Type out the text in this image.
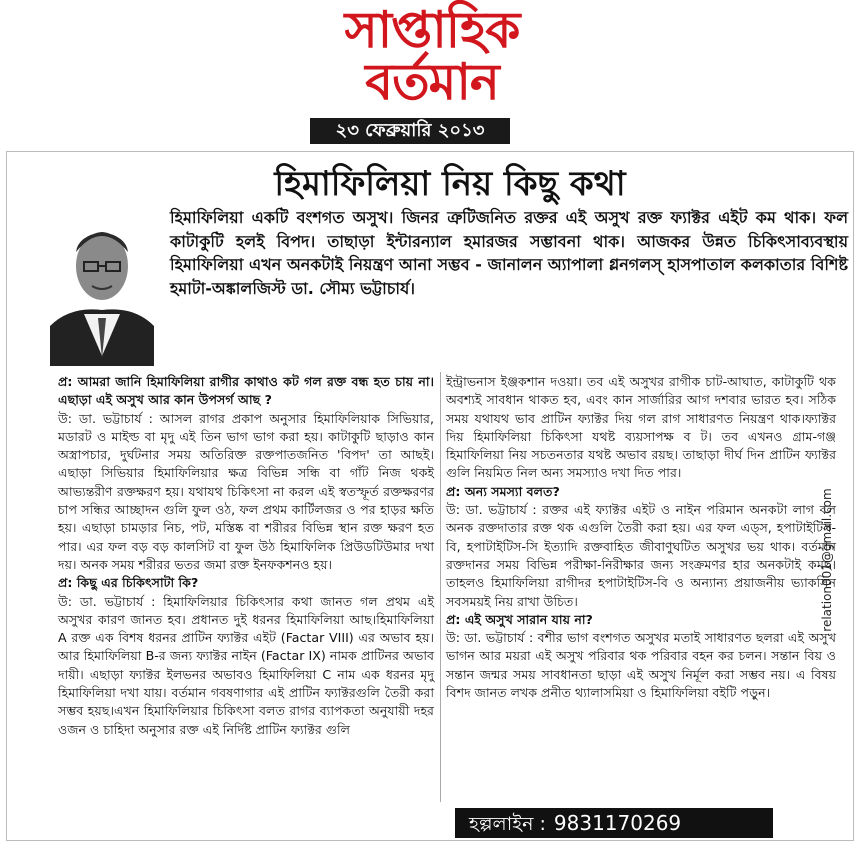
সাপ্তাহিক
বর্তমান
২৩ ফেব্রুয়ারি ২০১৩
হিমাফিলিয়া নিয় কিছু কথা
হিমাফিলিয়া একটি বংশগত অসুখ। জিনর ত্রুটিজনিত রক্তর এই অসুখ রক্ত ফ্যাক্টর এইট কম থাক। ফল কাটাকুটি হলই বিপদ। তাছাড়া ইন্টারন্যাল হমারজর সম্ভাবনা থাক। আজকর উন্নত চিকিৎসাব্যবস্থায় হিমাফিলিয়া এখন অনকটাই নিয়ন্ত্রণ আনা সম্ভব - জানালন অ্যাপালা গ্লনগলস্ হাসপাতাল কলকাতার বিশিষ্ট হমাটা-অঙ্কালজিস্ট ডা. সৌম্য ভট্টাচার্য।

প্র: আমরা জানি হিমাফিলিয়া রাগীর কাথাও কট গল রক্ত বন্ধ হত চায় না। এছাড়া এই অসুখ আর কান উপসর্গ আছ ?

উ: ডা. ভট্টাচার্য : আসল রাগর প্রকাপ অনুসার হিমাফিলিয়াক সিভিয়ার, মডারট ও মাইল্ড বা মৃদু এই তিন ভাগ ভাগ করা হয়। কাটাকুটি ছাড়াও কান অস্ত্রাপচার, দুর্ঘটনার সময় অতিরিক্ত রক্তপাতজনিত 'বিপদ' তা আছই। এছাড়া সিভিয়ার হিমাফিলিয়ার ক্ষত্র বিভিন্ন সন্ধি বা গাঁট নিজ থকই আভ্যন্তরীণ রক্তক্ষরণ হয়। যথাযথ চিকিৎসা না করল এই স্বতস্ফূর্ত রক্তক্ষরণর চাপ সন্ধির আচ্ছাদন গুলি ফুল ওঠ, ফল প্রথম কার্টিলজর ও পর হাড়র ক্ষতি হয়। এছাড়া চামড়ার নিচ, পট, মস্তিষ্ক বা শরীরর বিভিন্ন স্থান রক্ত ক্ষরণ হত পার। এর ফল বড় বড় কালসিট বা ফুল উঠ হিমাফিলিক প্রিউডটিউমার দখা দয়। অনক সময় শরীরর ভতর জমা রক্ত ইনফকশনও হয়।

প্র: কিছু এর চিকিৎসাটা কি?

উ: ডা. ভট্টাচার্য : হিমাফিলিয়ার চিকিৎসার কথা জানত গল প্রথম এই অসুখর কারণ জানত হব। প্রধানত দুই ধরনর হিমাফিলিয়া আছ।হিমাফিলিয়া A রক্ত এক বিশষ ধরনর প্রাটিন ফ্যাক্টর এইট (Factar VIII) এর অভাব হয়। আর হিমাফিলিয়া B-র জন্য ফ্যাক্টর নাইন (Factar IX) নামক প্রাটিনর অভাব দায়ী। এছাড়া ফ্যাক্টর ইলভনর অভাবও হিমাফিলিয়া C নাম এক ধরনর মৃদু হিমাফিলিয়া দখা যায়। বর্তমান গবষণাগার এই প্রাটিন ফ্যাক্টরগুলি তৈরী করা সম্ভব হয়ছ।এখন হিমাফিলিয়ার চিকিৎসা বলত রাগর ব্যাপকতা অনুযায়ী দহর ওজন ও চাহিদা অনুসার রক্ত এই নির্দিষ্ট প্রাটিন ফ্যাক্টর গুলি

ইন্ট্রাভনাস ইঞ্জকশান দওয়া। তব এই অসুখর রাগীক চাট-আঘাত, কাটাকুটি থক অবশ্যই সাবধান থাকত হব, এবং কান সার্জারির আগ দশবার ভারত হব। সঠিক সময় যথাযথ ভাব প্রাটিন ফ্যাক্টর দিয় গল রাগ সাধারণত নিয়ন্ত্রণ থাক।ফ্যাক্টর দিয় হিমাফিলিয়া চিকিৎসা যথষ্ট ব্যয়সাপক্ষ ব ট। তব এখনও গ্রাম-গঞ্জ হিমাফিলিয়া নিয় সচতনতার যথষ্ট অভাব রয়ছ। তাছাড়া দীর্ঘ দিন প্রাটিন ফ্যাক্টর গুলি নিয়মিত নিল অন্য সমস্যাও দখা দিত পার।

প্র: অন্য সমস্যা বলত?

উ: ডা. ভট্টাচার্য : রক্তর এই ফ্যাক্টর এইট ও নাইন পরিমান অনকটা লাগ বল অনক রক্তদাতার রক্ত থক এগুলি তৈরী করা হয়। এর ফল এড্স, হপাটাইটিস-বি, হপাটাইটিস-সি ইত্যাদি রক্তবাহিত জীবাণুঘটিত অসুখর ভয় থাক। বর্তমান রক্তদানর সময় বিভিন্ন পরীক্ষা-নিরীক্ষার জন্য সংক্রমণর হার অনকটাই কমছ। তাহলও হিমাফিলিয়া রাগীদর হপাটাইটিস-বি ও অন্যান্য প্রয়াজনীয় ভ্যাকসিন সবসময়ই নিয় রাখা উচিত।

প্র: এই অসুখ সারান যায় না?

উ: ডা. ভট্টাচার্য : বশীর ভাগ বংশগত অসুখর মতাই সাধারণত ছলরা এই অসুখ ভাগন আর ময়রা এই অসুখ পরিবার থক পরিবার বহন কর চলন। সন্তান বিয় ও সন্তান জন্মর সময় সাবধানতা ছাড়া এই অসুখ নির্মূল করা সম্ভব নয়। এ বিষয় বিশদ জানত লখক প্রনীত থ্যালাসমিয়া ও হিমাফিলিয়া বইটি পড়ুন।

relation001@gmail.com
হল্পলাইন : 9831170269
